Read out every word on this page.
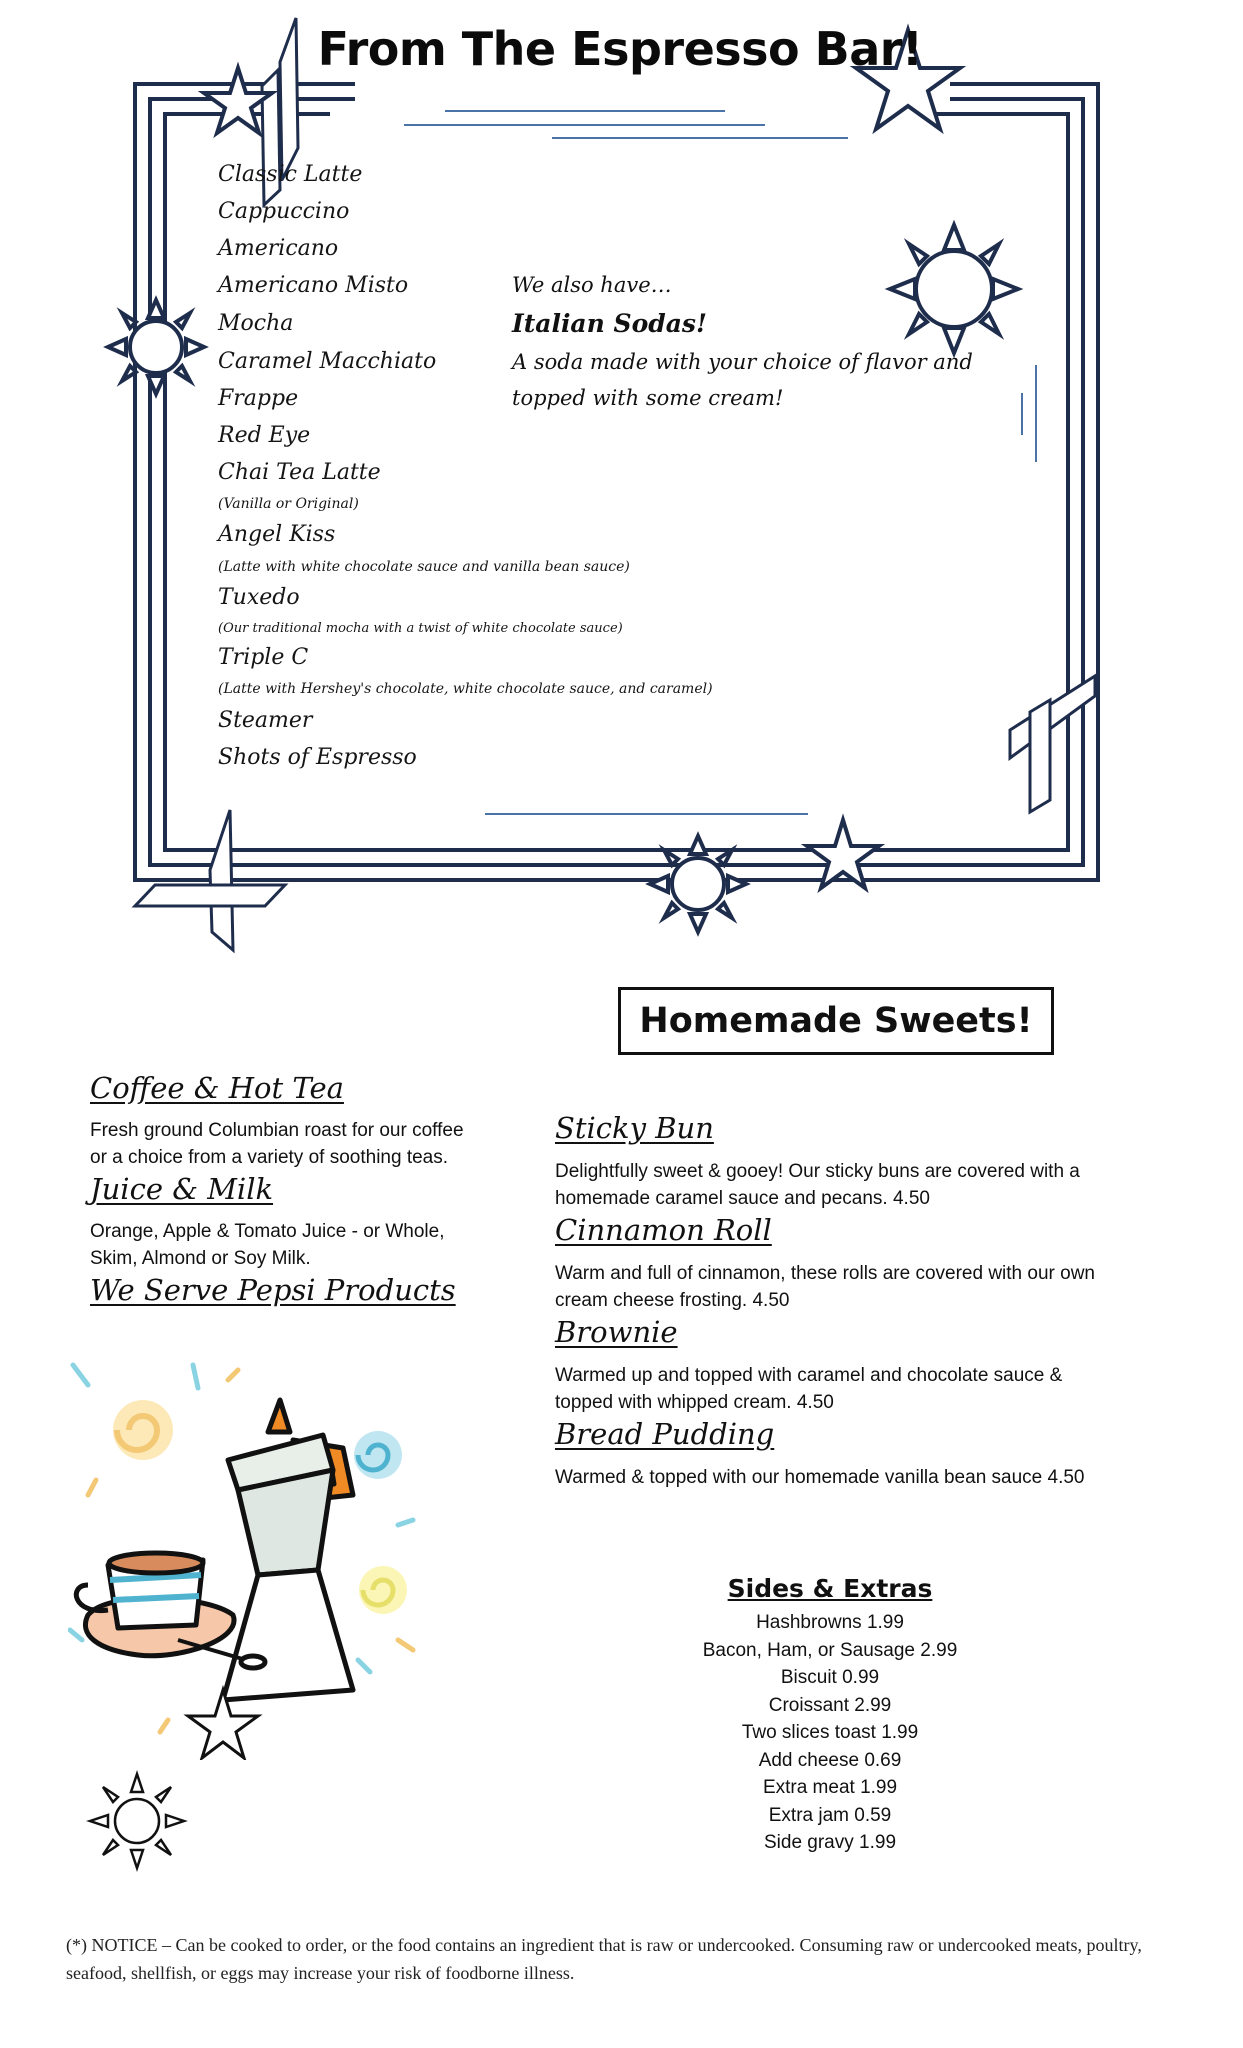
From The Espresso Bar!
Classic Latte
Cappuccino
Americano
Americano Misto
Mocha
Caramel Macchiato
Frappe
Red Eye
Chai Tea Latte
(Vanilla or Original)
Angel Kiss
(Latte with white chocolate sauce and vanilla bean sauce)
Tuxedo
(Our traditional mocha with a twist of white chocolate sauce)
Triple C
(Latte with Hershey's chocolate, white chocolate sauce, and caramel)
Steamer
Shots of Espresso
We also have…
Italian Sodas!
A soda made with your choice of flavor and
topped with some cream!
Homemade Sweets!
Coffee & Hot Tea
Fresh ground Columbian roast for our coffee
or a choice from a variety of soothing teas.
Juice & Milk
Orange, Apple & Tomato Juice - or Whole,
Skim, Almond or Soy Milk.
We Serve Pepsi Products
Sticky Bun
Delightfully sweet & gooey! Our sticky buns are covered with a
homemade caramel sauce and pecans. 4.50
Cinnamon Roll
Warm and full of cinnamon, these rolls are covered with our own
cream cheese frosting. 4.50
Brownie
Warmed up and topped with caramel and chocolate sauce &
topped with whipped cream. 4.50
Bread Pudding
Warmed & topped with our homemade vanilla bean sauce 4.50
Sides & Extras
Hashbrowns 1.99
Bacon, Ham, or Sausage 2.99
Biscuit 0.99
Croissant 2.99
Two slices toast 1.99
Add cheese 0.69
Extra meat 1.99
Extra jam 0.59
Side gravy 1.99
(*) NOTICE – Can be cooked to order, or the food contains an ingredient that is raw or undercooked. Consuming raw or undercooked meats, poultry, seafood, shellfish, or eggs may increase your risk of foodborne illness.
